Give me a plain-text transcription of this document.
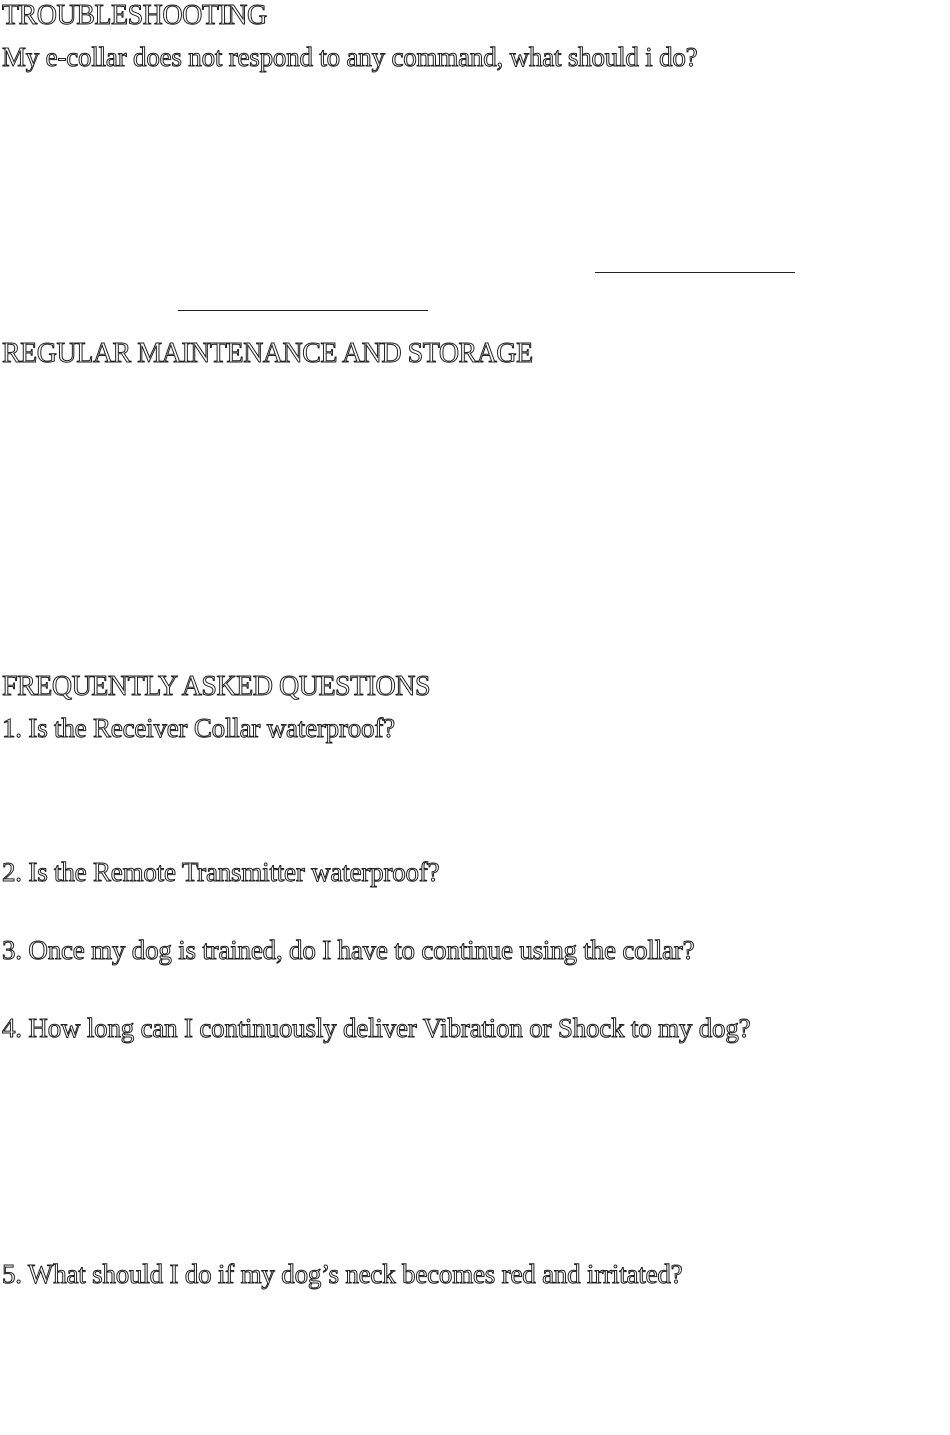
TROUBLESHOOTING

My e-collar does not respond to any command, what should i do?

REGULAR MAINTENANCE AND STORAGE
FREQUENTLY ASKED QUESTIONS

1. Is the Receiver Collar waterproof?

2. Is the Remote Transmitter waterproof?

3. Once my dog is trained, do I have to continue using the collar?

4. How long can I continuously deliver Vibration or Shock to my dog?

5. What should I do if my dog’s neck becomes red and irritated?
